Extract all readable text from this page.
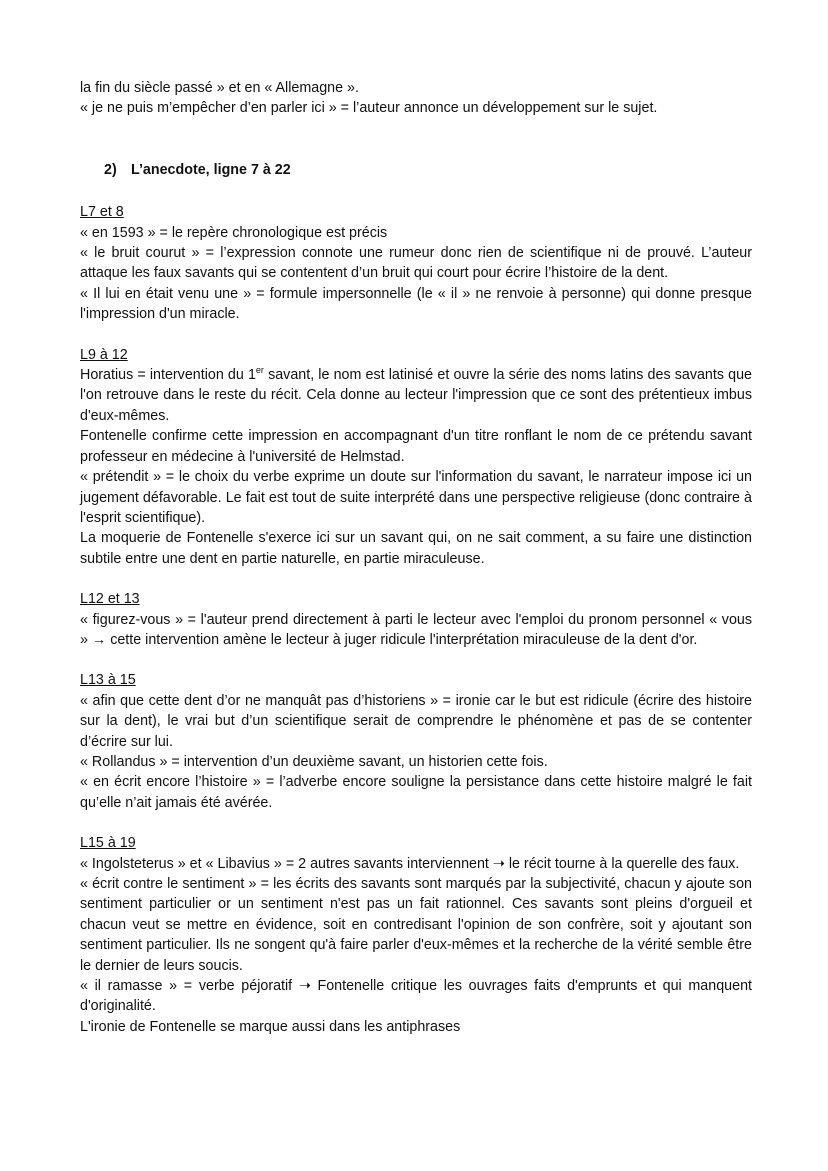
la fin du siècle passé » et en « Allemagne ».

« je ne puis m’empêcher d’en parler ici » = l’auteur annonce un développement sur le sujet.

2) L’anecdote, ligne 7 à 22

L7 et 8

« en 1593 » = le repère chronologique est précis

« le bruit courut » = l’expression connote une rumeur donc rien de scientifique ni de prouvé. L’auteur attaque les faux savants qui se contentent d’un bruit qui court pour écrire l’histoire de la dent.

« Il lui en était venu une » = formule impersonnelle (le « il » ne renvoie à personne) qui donne presque l'impression d'un miracle.

L9 à 12

Horatius = intervention du 1er savant, le nom est latinisé et ouvre la série des noms latins des savants que l'on retrouve dans le reste du récit. Cela donne au lecteur l'impression que ce sont des prétentieux imbus d'eux-mêmes.

Fontenelle confirme cette impression en accompagnant d'un titre ronflant le nom de ce prétendu savant professeur en médecine à l'université de Helmstad.

« prétendit » = le choix du verbe exprime un doute sur l'information du savant, le narrateur impose ici un jugement défavorable. Le fait est tout de suite interprété dans une perspective religieuse (donc contraire à l'esprit scientifique).

La moquerie de Fontenelle s'exerce ici sur un savant qui, on ne sait comment, a su faire une distinction subtile entre une dent en partie naturelle, en partie miraculeuse.

L12 et 13

« figurez-vous » = l'auteur prend directement à parti le lecteur avec l'emploi du pronom personnel « vous » → cette intervention amène le lecteur à juger ridicule l'interprétation miraculeuse de la dent d'or.

L13 à 15

« afin que cette dent d’or ne manquât pas d’historiens » = ironie car le but est ridicule (écrire des histoire sur la dent), le vrai but d’un scientifique serait de comprendre le phénomène et pas de se contenter d’écrire sur lui.

« Rollandus » = intervention d’un deuxième savant, un historien cette fois.

« en écrit encore l’histoire » = l’adverbe encore souligne la persistance dans cette histoire malgré le fait qu’elle n’ait jamais été avérée.

L15 à 19

« Ingolsteterus » et « Libavius » = 2 autres savants interviennent ➝ le récit tourne à la querelle des faux.

« écrit contre le sentiment » = les écrits des savants sont marqués par la subjectivité, chacun y ajoute son sentiment particulier or un sentiment n'est pas un fait rationnel. Ces savants sont pleins d'orgueil et chacun veut se mettre en évidence, soit en contredisant l'opinion de son confrère, soit y ajoutant son sentiment particulier. Ils ne songent qu'à faire parler d'eux-mêmes et la recherche de la vérité semble être le dernier de leurs soucis.

« il ramasse » = verbe péjoratif ➝ Fontenelle critique les ouvrages faits d'emprunts et qui manquent d'originalité.

L'ironie de Fontenelle se marque aussi dans les antiphrases
